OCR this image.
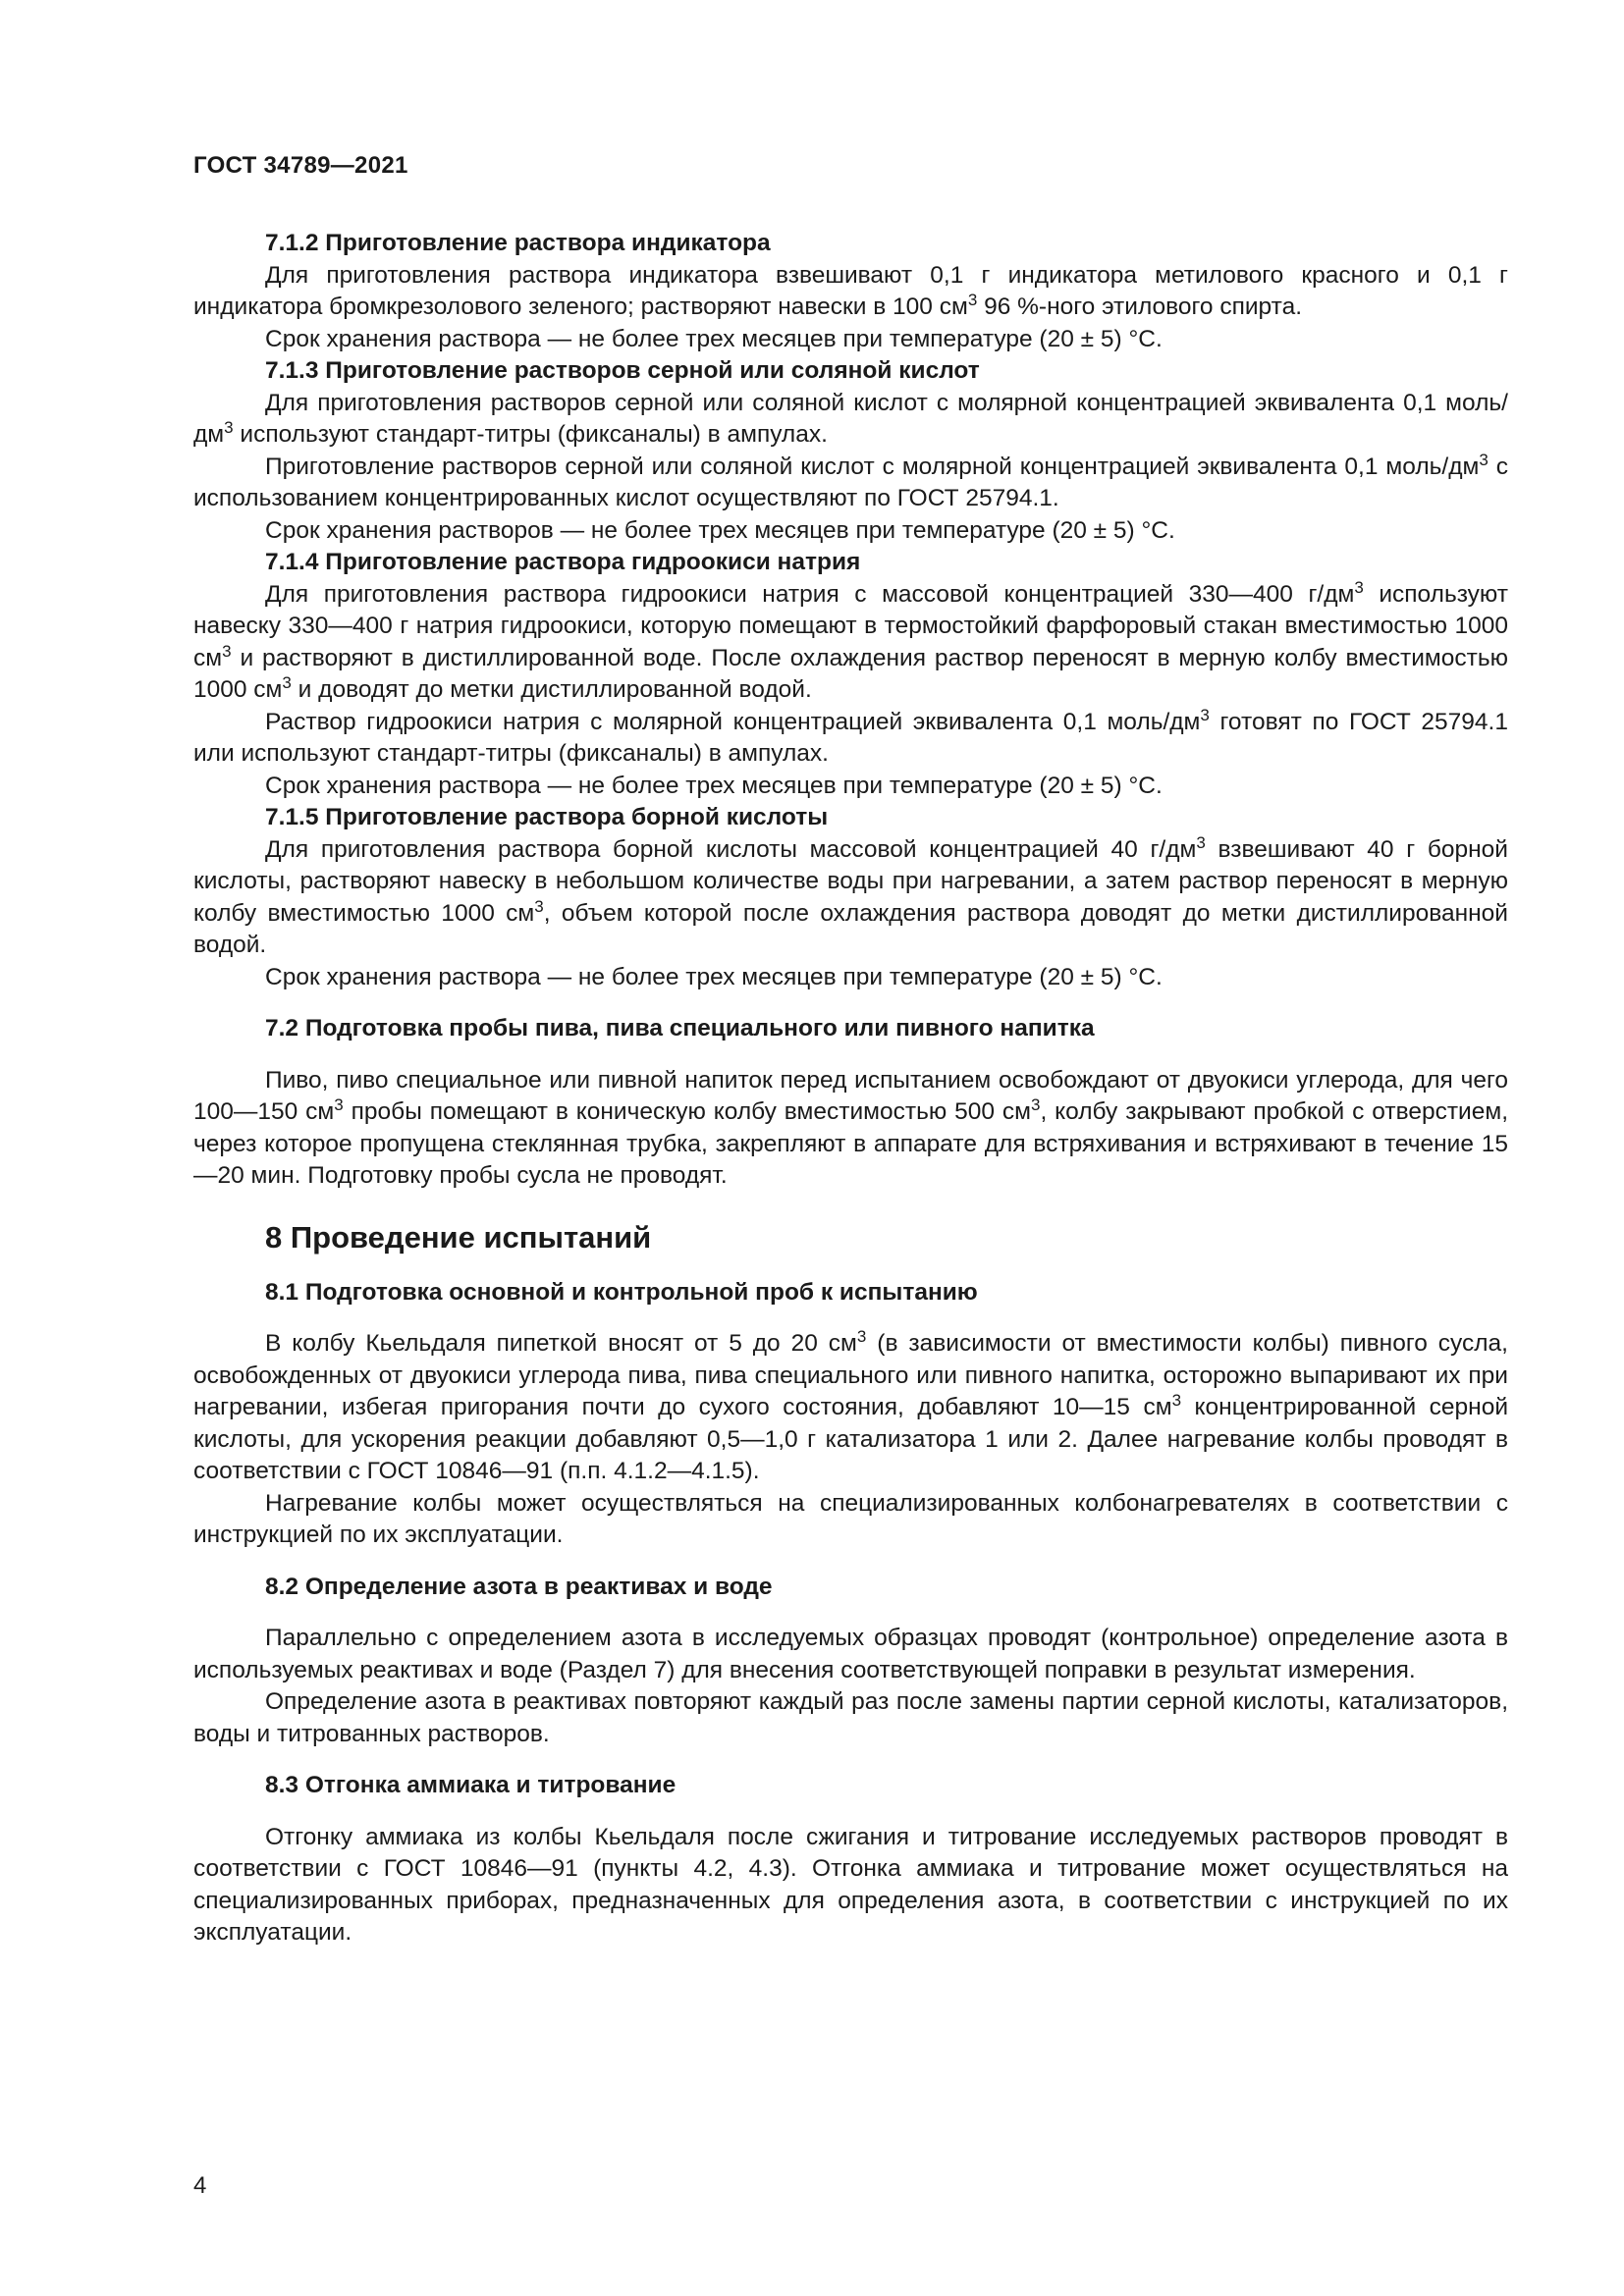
ГОСТ 34789—2021
7.1.2 Приготовление раствора индикатора

Для приготовления раствора индикатора взвешивают 0,1 г индикатора метилового красного и 0,1 г индикатора бромкрезолового зеленого; растворяют навески в 100 $см^3$ 96 %-ного этилового спирта.

Срок хранения раствора — не более трех месяцев при температуре (20 ± 5) °С.

7.1.3 Приготовление растворов серной или соляной кислот

Для приготовления растворов серной или соляной кислот с молярной концентрацией эквивалента 0,1 моль/$дм^3$ используют стандарт-титры (фиксаналы) в ампулах.

Приготовление растворов серной или соляной кислот с молярной концентрацией эквивалента 0,1 моль/$дм^3$ с использованием концентрированных кислот осуществляют по ГОСТ 25794.1.

Срок хранения растворов — не более трех месяцев при температуре (20 ± 5) °С.

7.1.4 Приготовление раствора гидроокиси натрия

Для приготовления раствора гидроокиси натрия с массовой концентрацией 330—400 $г/дм^3$ используют навеску 330—400 г натрия гидроокиси, которую помещают в термостойкий фарфоровый стакан вместимостью 1000 $см^3$ и растворяют в дистиллированной воде. После охлаждения раствор переносят в мерную колбу вместимостью 1000 $см^3$ и доводят до метки дистиллированной водой.

Раствор гидроокиси натрия с молярной концентрацией эквивалента 0,1 моль/$дм^3$ готовят по ГОСТ 25794.1 или используют стандарт-титры (фиксаналы) в ампулах.

Срок хранения раствора — не более трех месяцев при температуре (20 ± 5) °С.

7.1.5 Приготовление раствора борной кислоты

Для приготовления раствора борной кислоты массовой концентрацией 40 $г/дм^3$ взвешивают 40 г борной кислоты, растворяют навеску в небольшом количестве воды при нагревании, а затем раствор переносят в мерную колбу вместимостью 1000 $см^3$, объем которой после охлаждения раствора доводят до метки дистиллированной водой.

Срок хранения раствора — не более трех месяцев при температуре (20 ± 5) °С.

7.2 Подготовка пробы пива, пива специального или пивного напитка

Пиво, пиво специальное или пивной напиток перед испытанием освобождают от двуокиси углерода, для чего 100—150 $см^3$ пробы помещают в коническую колбу вместимостью 500 $см^3$, колбу закрывают пробкой с отверстием, через которое пропущена стеклянная трубка, закрепляют в аппарате для встряхивания и встряхивают в течение 15—20 мин. Подготовку пробы сусла не проводят.

8 Проведение испытаний
8.1 Подготовка основной и контрольной проб к испытанию

В колбу Кьельдаля пипеткой вносят от 5 до 20 $см^3$ (в зависимости от вместимости колбы) пивного сусла, освобожденных от двуокиси углерода пива, пива специального или пивного напитка, осторожно выпаривают их при нагревании, избегая пригорания почти до сухого состояния, добавляют 10—15 $см^3$ концентрированной серной кислоты, для ускорения реакции добавляют 0,5—1,0 г катализатора 1 или 2. Далее нагревание колбы проводят в соответствии с ГОСТ 10846—91 (п.п. 4.1.2—4.1.5).

Нагревание колбы может осуществляться на специализированных колбонагревателях в соответствии с инструкцией по их эксплуатации.

8.2 Определение азота в реактивах и воде

Параллельно с определением азота в исследуемых образцах проводят (контрольное) определение азота в используемых реактивах и воде (Раздел 7) для внесения соответствующей поправки в результат измерения.

Определение азота в реактивах повторяют каждый раз после замены партии серной кислоты, катализаторов, воды и титрованных растворов.

8.3 Отгонка аммиака и титрование

Отгонку аммиака из колбы Кьельдаля после сжигания и титрование исследуемых растворов проводят в соответствии с ГОСТ 10846—91 (пункты 4.2, 4.3). Отгонка аммиака и титрование может осуществляться на специализированных приборах, предназначенных для определения азота, в соответствии с инструкцией по их эксплуатации.

4
